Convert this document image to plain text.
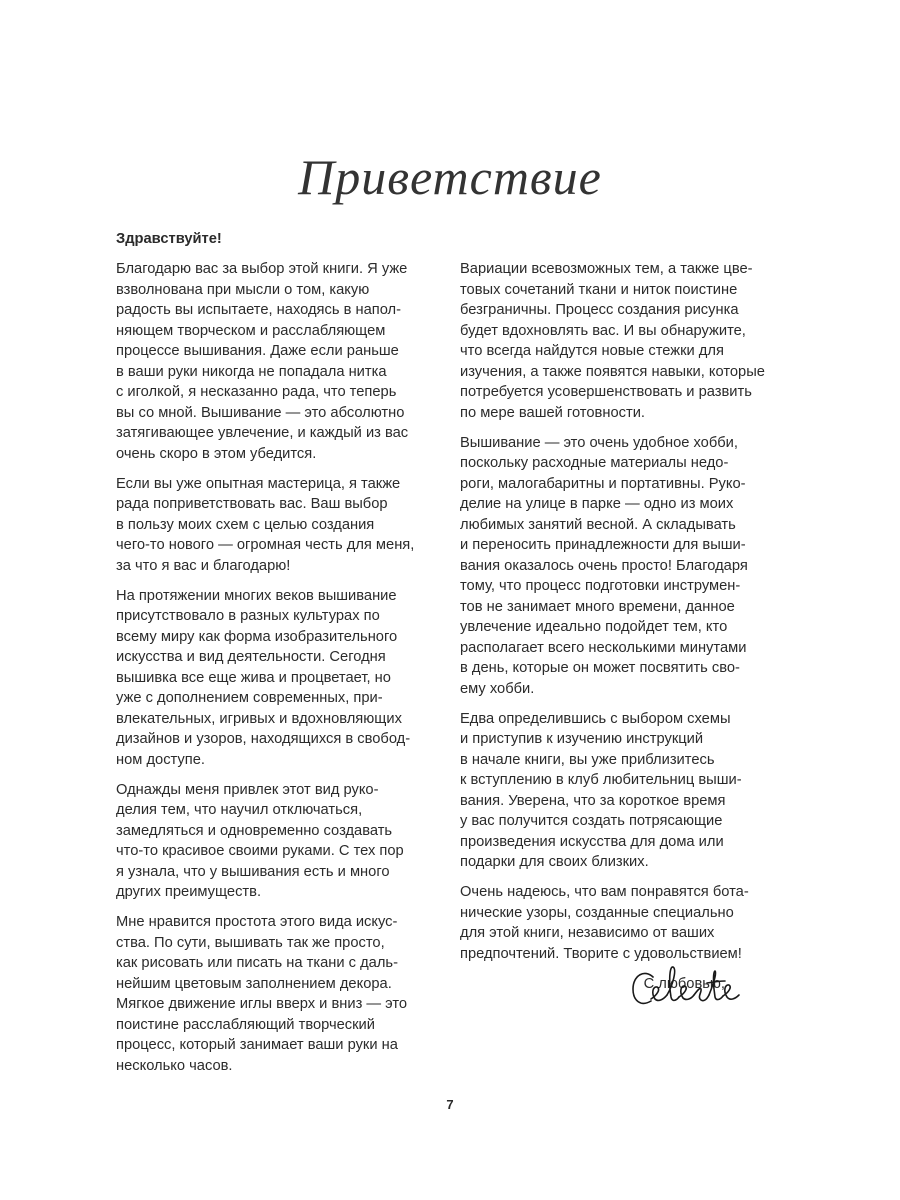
Приветствие

Здравствуйте!

Благодарю вас за выбор этой книги. Я уже
взволнована при мысли о том, какую
радость вы испытаете, находясь в напол-
няющем творческом и расслабляющем
процессе вышивания. Даже если раньше
в ваши руки никогда не попадала нитка
с иголкой, я несказанно рада, что теперь
вы со мной. Вышивание — это абсолютно
затягивающее увлечение, и каждый из вас
очень скоро в этом убедится.

Если вы уже опытная мастерица, я также
рада поприветствовать вас. Ваш выбор
в пользу моих схем с целью создания
чего-то нового — огромная честь для меня,
за что я вас и благодарю!

На протяжении многих веков вышивание
присутствовало в разных культурах по
всему миру как форма изобразительного
искусства и вид деятельности. Сегодня
вышивка все еще жива и процветает, но
уже с дополнением современных, при-
влекательных, игривых и вдохновляющих
дизайнов и узоров, находящихся в свобод-
ном доступе.

Однажды меня привлек этот вид руко-
делия тем, что научил отключаться,
замедляться и одновременно создавать
что-то красивое своими руками. С тех пор
я узнала, что у вышивания есть и много
других преимуществ.

Мне нравится простота этого вида искус-
ства. По сути, вышивать так же просто,
как рисовать или писать на ткани с даль-
нейшим цветовым заполнением декора.
Мягкое движение иглы вверх и вниз — это
поистине расслабляющий творческий
процесс, который занимает ваши руки на
несколько часов.

Вариации всевозможных тем, а также цве-
товых сочетаний ткани и ниток поистине
безграничны. Процесс создания рисунка
будет вдохновлять вас. И вы обнаружите,
что всегда найдутся новые стежки для
изучения, а также появятся навыки, которые
потребуется усовершенствовать и развить
по мере вашей готовности.

Вышивание — это очень удобное хобби,
поскольку расходные материалы недо-
роги, малогабаритны и портативны. Руко-
делие на улице в парке — одно из моих
любимых занятий весной. А складывать
и переносить принадлежности для выши-
вания оказалось очень просто! Благодаря
тому, что процесс подготовки инструмен-
тов не занимает много времени, данное
увлечение идеально подойдет тем, кто
располагает всего несколькими минутами
в день, которые он может посвятить сво-
ему хобби.

Едва определившись с выбором схемы
и приступив к изучению инструкций
в начале книги, вы уже приблизитесь
к вступлению в клуб любительниц выши-
вания. Уверена, что за короткое время
у вас получится создать потрясающие
произведения искусства для дома или
подарки для своих близких.

Очень надеюсь, что вам понравятся бота-
нические узоры, созданные специально
для этой книги, независимо от ваших
предпочтений. Творите с удовольствием!

С любовью,

7
